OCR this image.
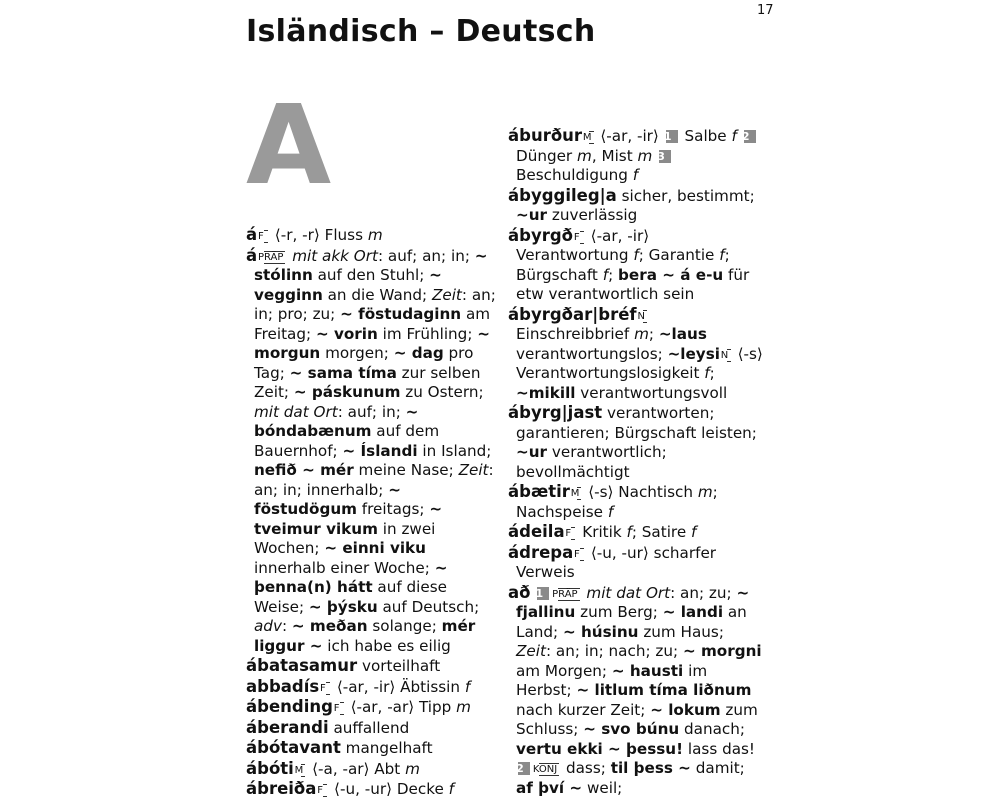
17
Isländisch – Deutsch
A

á F ⟨-r, -r⟩ Fluss m

á PRÄP mit akk Ort: auf; an; in; ~ stólinn auf den Stuhl; ~ vegginn an die Wand; Zeit: an; in; pro; zu; ~ föstudaginn am Freitag; ~ vorin im Frühling; ~ morgun morgen; ~ dag pro Tag; ~ sama tíma zur selben Zeit; ~ páskunum zu Ostern; mit dat Ort: auf; in; ~ bóndabænum auf dem Bauernhof; ~ Íslandi in Island; nefið ~ mér meine Nase; Zeit: an; in; innerhalb; ~ föstudögum freitags; ~ tveimur vikum in zwei Wochen; ~ einni viku innerhalb einer Woche; ~ þenna(n) hátt auf diese Weise; ~ þýsku auf Deutsch; adv: ~ meðan solange; mér liggur ~ ich habe es eilig

ábatasamur vorteilhaft

abbadís F ⟨-ar, -ir⟩ Äbtissin f

ábending F ⟨-ar, -ar⟩ Tipp m

áberandi auffallend

ábótavant mangelhaft

ábóti M ⟨-a, -ar⟩ Abt m

ábreiða F ⟨-u, -ur⟩ Decke f

áburður M ⟨-ar, -ir⟩ 1 Salbe f 2 Dünger m, Mist m 3 Beschuldigung f

ábyggileg|a sicher, bestimmt; ~ur zuverlässig

ábyrgð F ⟨-ar, -ir⟩ Verantwortung f; Garantie f; Bürgschaft f; bera ~ á e-u für etw verantwortlich sein

ábyrgðar|bréf N Einschreibbrief m; ~laus verantwortungslos; ~leysi N ⟨-s⟩ Verantwortungslosigkeit f; ~mikill verantwortungsvoll

ábyrg|jast verantworten; garantieren; Bürgschaft leisten; ~ur verantwortlich; bevollmächtigt

ábætir M ⟨-s⟩ Nachtisch m; Nachspeise f

ádeila F Kritik f; Satire f

ádrepa F ⟨-u, -ur⟩ scharfer Verweis

að 1 PRÄP mit dat Ort: an; zu; ~ fjallinu zum Berg; ~ landi an Land; ~ húsinu zum Haus; Zeit: an; in; nach; zu; ~ morgni am Morgen; ~ hausti im Herbst; ~ litlum tíma liðnum nach kurzer Zeit; ~ lokum zum Schluss; ~ svo búnu danach; vertu ekki ~ þessu! lass das! 2 KONJ dass; til þess ~ damit; af því ~ weil;
